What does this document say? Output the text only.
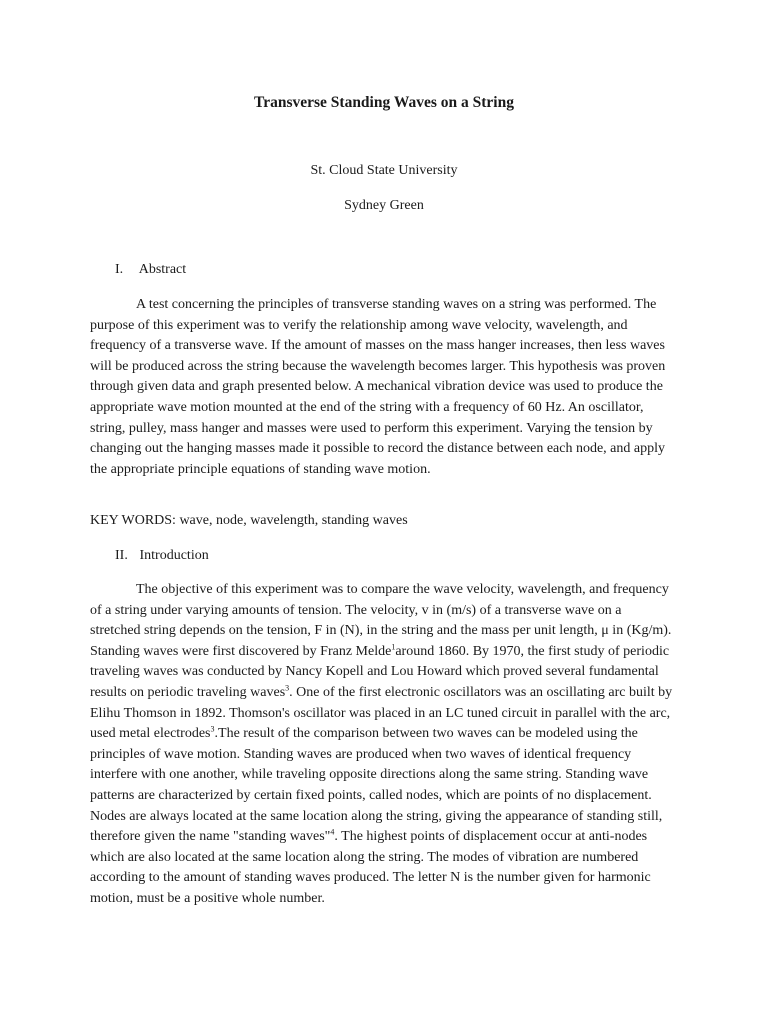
Transverse Standing Waves on a String
St. Cloud State University
Sydney Green
I. Abstract

A test concerning the principles of transverse standing waves on a string was performed. The purpose of this experiment was to verify the relationship among wave velocity, wavelength, and frequency of a transverse wave. If the amount of masses on the mass hanger increases, then less waves will be produced across the string because the wavelength becomes larger. This hypothesis was proven through given data and graph presented below. A mechanical vibration device was used to produce the appropriate wave motion mounted at the end of the string with a frequency of 60 Hz. An oscillator, string, pulley, mass hanger and masses were used to perform this experiment. Varying the tension by changing out the hanging masses made it possible to record the distance between each node, and apply the appropriate principle equations of standing wave motion.

KEY WORDS: wave, node, wavelength, standing waves
II. Introduction

The objective of this experiment was to compare the wave velocity, wavelength, and frequency of a string under varying amounts of tension. The velocity, v in (m/s) of a transverse wave on a stretched string depends on the tension, F in (N), in the string and the mass per unit length, μ in (Kg/m). Standing waves were first discovered by Franz Melde$^1$around 1860. By 1970, the first study of periodic traveling waves was conducted by Nancy Kopell and Lou Howard which proved several fundamental results on periodic traveling waves$^3$. One of the first electronic oscillators was an oscillating arc built by Elihu Thomson in 1892. Thomson's oscillator was placed in an LC tuned circuit in parallel with the arc, used metal electrodes$^3$.The result of the comparison between two waves can be modeled using the principles of wave motion. Standing waves are produced when two waves of identical frequency interfere with one another, while traveling opposite directions along the same string. Standing wave patterns are characterized by certain fixed points, called nodes, which are points of no displacement. Nodes are always located at the same location along the string, giving the appearance of standing still, therefore given the name "standing waves"$^4$. The highest points of displacement occur at anti-nodes which are also located at the same location along the string. The modes of vibration are numbered according to the amount of standing waves produced. The letter N is the number given for harmonic motion, must be a positive whole number.
